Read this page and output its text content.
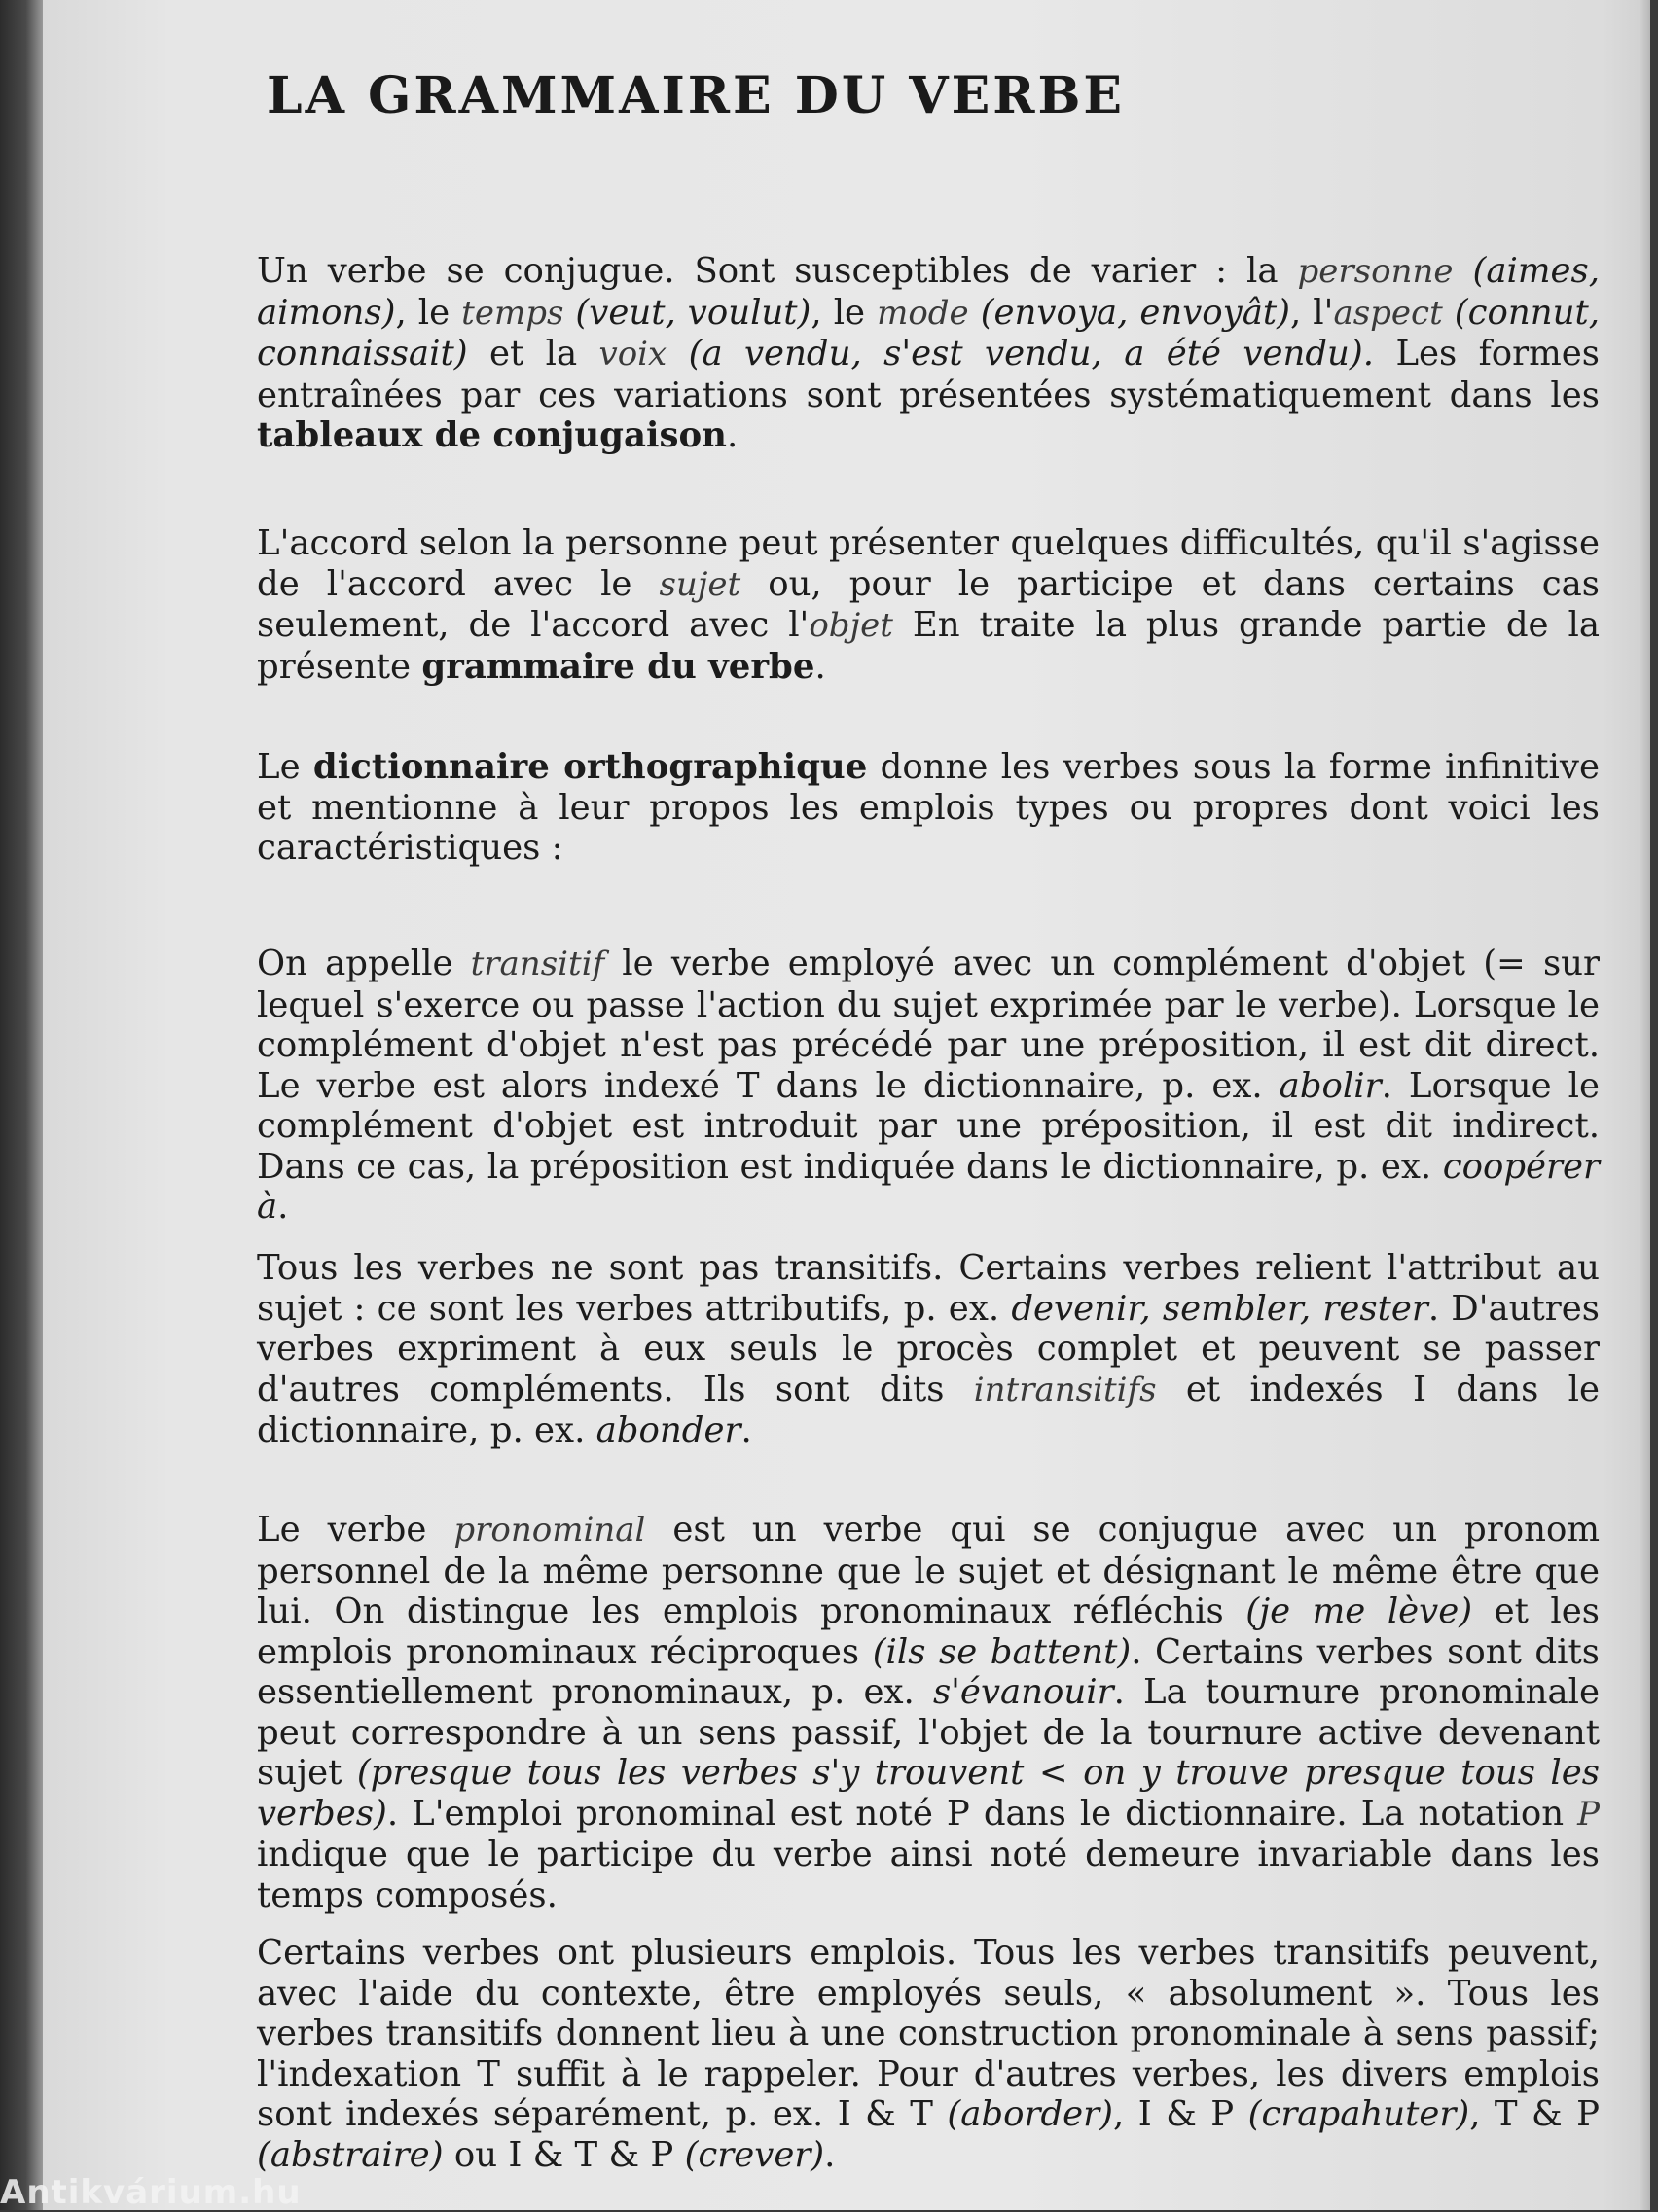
LA GRAMMAIRE DU VERBE

Un verbe se conjugue. Sont susceptibles de varier : la personne (aimes, aimons), le temps (veut, voulut), le mode (envoya, envoyât), l'aspect (connut, connaissait) et la voix (a vendu, s'est vendu, a été vendu). Les formes entraînées par ces variations sont présentées systématiquement dans les tableaux de conjugaison.

L'accord selon la personne peut présenter quelques difficultés, qu'il s'agisse de l'accord avec le sujet ou, pour le participe et dans certains cas seulement, de l'accord avec l'objet En traite la plus grande partie de la présente grammaire du verbe.

Le dictionnaire orthographique donne les verbes sous la forme infinitive et mentionne à leur propos les emplois types ou propres dont voici les caractéristiques :

On appelle transitif le verbe employé avec un complément d'objet (= sur lequel s'exerce ou passe l'action du sujet exprimée par le verbe). Lorsque le complément d'objet n'est pas précédé par une préposition, il est dit direct. Le verbe est alors indexé T dans le dictionnaire, p. ex. abolir. Lorsque le complément d'objet est introduit par une préposition, il est dit indirect. Dans ce cas, la préposition est indiquée dans le dictionnaire, p. ex. coopérer à.

Tous les verbes ne sont pas transitifs. Certains verbes relient l'attribut au sujet : ce sont les verbes attributifs, p. ex. devenir, sembler, rester. D'autres verbes expriment à eux seuls le procès complet et peuvent se passer d'autres compléments. Ils sont dits intransitifs et indexés I dans le dictionnaire, p. ex. abonder.

Le verbe pronominal est un verbe qui se conjugue avec un pronom personnel de la même personne que le sujet et désignant le même être que lui. On distingue les emplois pronominaux réfléchis (je me lève) et les emplois pronominaux réciproques (ils se battent). Certains verbes sont dits essentiellement pronominaux, p. ex. s'évanouir. La tournure pronominale peut correspondre à un sens passif, l'objet de la tournure active devenant sujet (presque tous les verbes s'y trouvent < on y trouve presque tous les verbes). L'emploi pronominal est noté P dans le dictionnaire. La notation P indique que le participe du verbe ainsi noté demeure invariable dans les temps composés.

Certains verbes ont plusieurs emplois. Tous les verbes transitifs peuvent, avec l'aide du contexte, être employés seuls, « absolument ». Tous les verbes transitifs donnent lieu à une construction pronominale à sens passif; l'indexation T suffit à le rappeler. Pour d'autres verbes, les divers emplois sont indexés séparément, p. ex. I & T (aborder), I & P (crapahuter), T & P (abstraire) ou I & T & P (crever).

Antikvárium.hu
